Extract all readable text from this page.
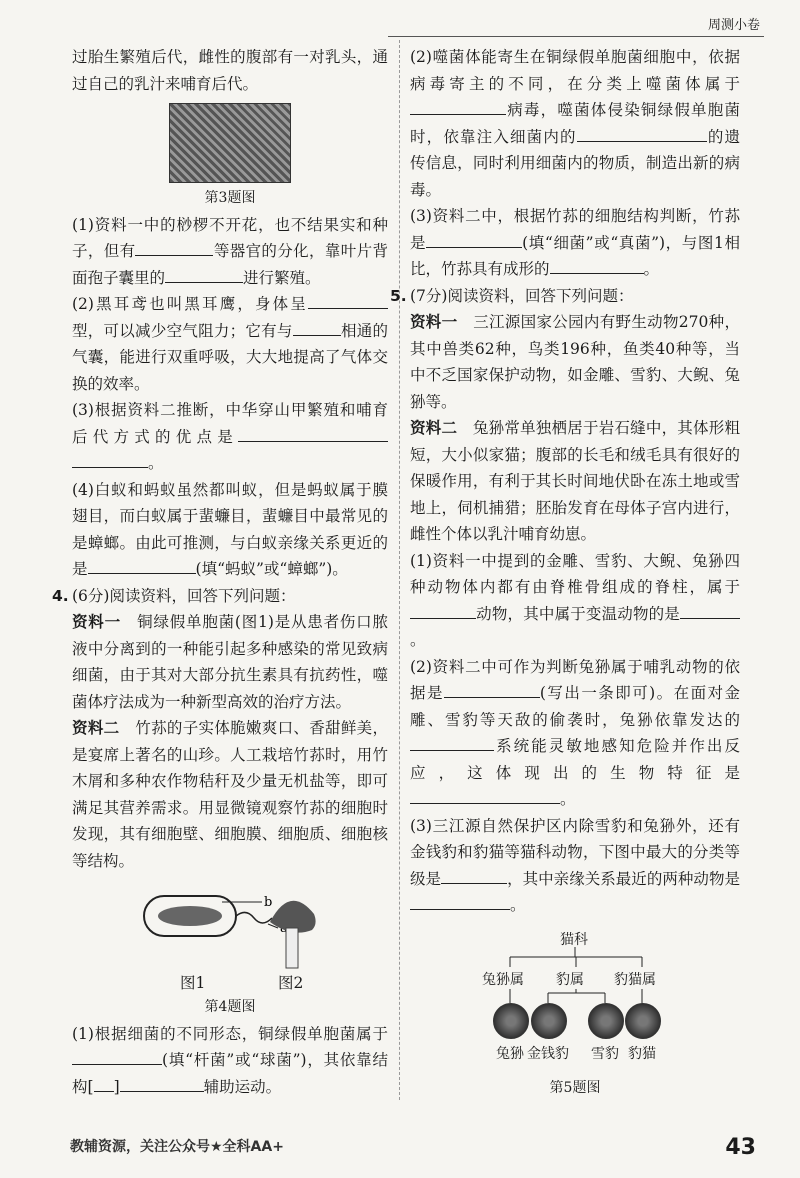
周测小卷

过胎生繁殖后代，雌性的腹部有一对乳头，通过自己的乳汁来哺育后代。

第3题图

(1)资料一中的桫椤不开花，也不结果实和种子，但有	等器官的分化，靠叶片背面孢子囊里的	进行繁殖。

(2)黑耳鸢也叫黑耳鹰，身体呈型，可以减少空气阻力；它有与	相通的气囊，能进行双重呼吸，大大地提高了气体交换的效率。

(3)根据资料二推断，中华穿山甲繁殖和哺育后代方式的优点是。

(4)白蚁和蚂蚁虽然都叫蚁，但是蚂蚁属于膜翅目，而白蚁属于蜚蠊目，蜚蠊目中最常见的是蟑螂。由此可推测，与白蚁亲缘关系更近的是	(填“蚂蚁”或“蟑螂”)。

4. (6分)阅读资料，回答下列问题：

资料一　 铜绿假单胞菌(图1)是从患者伤口脓液中分离到的一种能引起多种感染的常见致病细菌，由于其对大部分抗生素具有抗药性，噬菌体疗法成为一种新型高效的治疗方法。

资料二　 竹荪的子实体脆嫩爽口、香甜鲜美，是宴席上著名的山珍。人工栽培竹荪时，用竹木屑和多种农作物秸秆及少量无机盐等，即可满足其营养需求。用显微镜观察竹荪的细胞时发现，其有细胞壁、细胞膜、细胞质、细胞核等结构。

b
图1	图2
第4题图

(1)根据细菌的不同形态，铜绿假单胞菌属于(填“杆菌”或“球菌”)，其依靠结构[ ]	辅助运动。

(2)噬菌体能寄生在铜绿假单胞菌细胞中，依据病毒寄主的不同，在分类上噬菌体属于病毒，噬菌体侵染铜绿假单胞菌时，依靠注入细菌内的	的遗传信息，同时利用细菌内的物质，制造出新的病毒。

(3)资料二中，根据竹荪的细胞结构判断，竹荪是	(填“细菌”或“真菌”)，与图1相比，竹荪具有成形的	。

5. (7分)阅读资料，回答下列问题：

资料一　 三江源国家公园内有野生动物270种，其中兽类62种，鸟类196种，鱼类40种等，当中不乏国家保护动物，如金雕、雪豹、大鲵、兔狲等。

资料二　 兔狲常单独栖居于岩石缝中，其体形粗短，大小似家猫；腹部的长毛和绒毛具有很好的保暖作用，有利于其长时间地伏卧在冻土地或雪地上，伺机捕猎；胚胎发育在母体子宫内进行，雌性个体以乳汁哺育幼崽。

(1)资料一中提到的金雕、雪豹、大鲵、兔狲四种动物体内都有由脊椎骨组成的脊柱，属于动物，其中属于变温动物的是。

(2)资料二中可作为判断兔狲属于哺乳动物的依据是	(写出一条即可)。在面对金雕、雪豹等天敌的偷袭时，兔狲依靠发达的系统能灵敏地感知危险并作出反应，这体现出的生物特征是。

(3)三江源自然保护区内除雪豹和兔狲外，还有金钱豹和豹猫等猫科动物，下图中最大的分类等级是	，其中亲缘关系最近的两种动物是。

猫科
兔狲属 豹属 豹猫属
兔狲 金钱豹	雪豹 豹猫
第5题图
教辅资源，关注公众号★全科AA+	43
